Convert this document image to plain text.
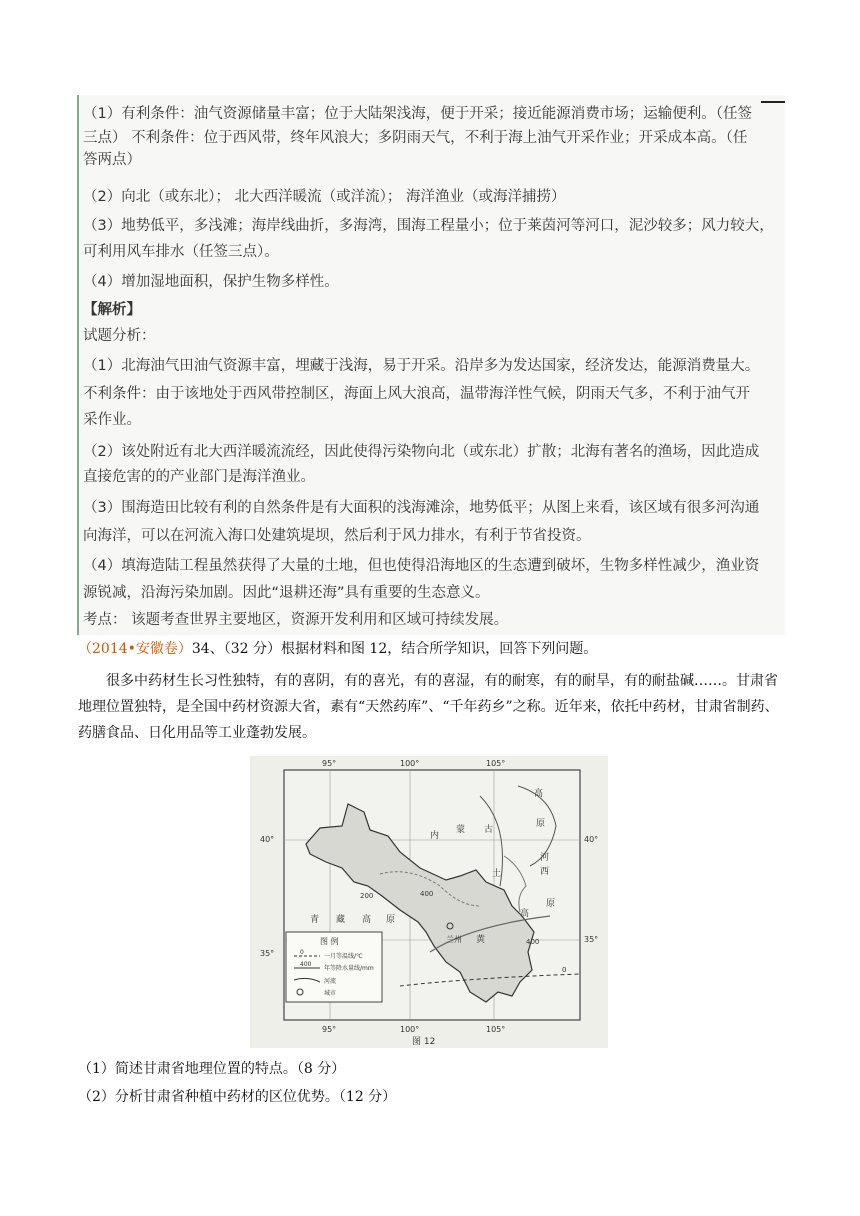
（1）有利条件：油气资源储量丰富；位于大陆架浅海，便于开采；接近能源消费市场；运输便利。（任签

三点） 不利条件：位于西风带，终年风浪大；多阴雨天气，不利于海上油气开采作业；开采成本高。（任

答两点）

（2）向北（或东北）； 北大西洋暖流（或洋流）； 海洋渔业（或海洋捕捞）

（3）地势低平，多浅滩；海岸线曲折，多海湾，围海工程量小；位于莱茵河等河口，泥沙较多；风力较大，

可利用风车排水（任签三点）。

（4）增加湿地面积，保护生物多样性。

【解析】

试题分析：

（1）北海油气田油气资源丰富，埋藏于浅海，易于开采。沿岸多为发达国家，经济发达，能源消费量大。

不利条件：由于该地处于西风带控制区，海面上风大浪高，温带海洋性气候，阴雨天气多，不利于油气开

采作业。

（2）该处附近有北大西洋暖流流经，因此使得污染物向北（或东北）扩散；北海有著名的渔场，因此造成

直接危害的的产业部门是海洋渔业。

（3）围海造田比较有利的自然条件是有大面积的浅海滩涂，地势低平；从图上来看，该区域有很多河沟通

向海洋，可以在河流入海口处建筑堤坝，然后利于风力排水，有利于节省投资。

（4）填海造陆工程虽然获得了大量的土地，但也使得沿海地区的生态遭到破坏，生物多样性减少，渔业资

源锐减，沿海污染加剧。因此“退耕还海”具有重要的生态意义。

考点： 该题考查世界主要地区，资源开发利用和区域可持续发展。

（2014•安徽卷）34、（32 分）根据材料和图 12，结合所学知识，回答下列问题。

很多中药材生长习性独特，有的喜阴，有的喜光，有的喜湿，有的耐寒，有的耐旱，有的耐盐碱……。甘肃省地理位置独特，是全国中药材资源大省，素有“天然药库”、“千年药乡”之称。近年来，依托中药材，甘肃省制药、药膳食品、日化用品等工业蓬勃发展。

95°	100°	105°
95°	100°	105°
40°	40°
35°
35°
内
蒙 古
高
原
青 藏 高 原
黄
土
高
原
河
西
兰州
200	400
0
400
图 例
0
400
一月等温线/℃
年等降水量线/mm
河流
城市
图 12

（1）简述甘肃省地理位置的特点。（8 分）

（2）分析甘肃省种植中药材的区位优势。（12 分）
